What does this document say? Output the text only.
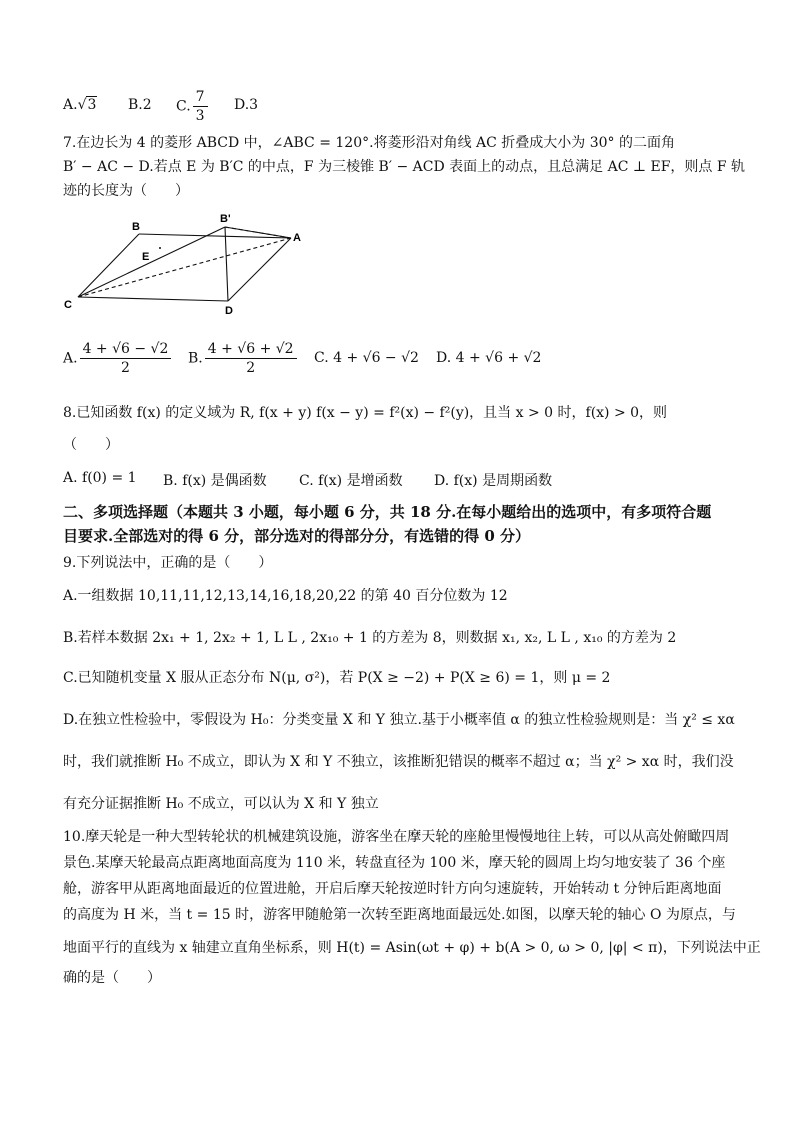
A.√3 B.2 C. $\frac{7}{3} D.3$
7.在边长为 4 的菱形 ABCD 中，∠ABC = 120°.将菱形沿对角线 AC 折叠成大小为 30° 的二面角
B′ − AC − D.若点 E 为 B′C 的中点，F 为三棱锥 B′ − ACD 表面上的动点，且总满足 AC ⊥ EF，则点 F 轨
迹的长度为（　　）
B
B'
A
E
C	D
A. $\frac{4 + √6 - √2}{2} B$. $\frac{4 + √6 + √2}{2} C$. 4 + √6 − √2 D. 4 + √6 + √2
8.已知函数 f(x) 的定义域为 R, f(x + y) f(x − y) = f²(x) − f²(y)，且当 x > 0 时，f(x) > 0，则
（　　）
A. f(0) = 1 B. f(x) 是偶函数 C. f(x) 是增函数 D. f(x) 是周期函数
二、多项选择题（本题共 3 小题，每小题 6 分，共 18 分.在每小题给出的选项中，有多项符合题
目要求.全部选对的得 6 分，部分选对的得部分分，有选错的得 0 分）
9.下列说法中，正确的是（　　）
A.一组数据 10,11,11,12,13,14,16,18,20,22 的第 40 百分位数为 12
B.若样本数据 2x₁ + 1, 2x₂ + 1, L L , 2x₁₀ + 1 的方差为 8，则数据 x₁, x₂, L L , x₁₀ 的方差为 2
C.已知随机变量 X 服从正态分布 N(μ, σ²)，若 P(X ≥ −2) + P(X ≥ 6) = 1，则 μ = 2
D.在独立性检验中，零假设为 H₀：分类变量 X 和 Y 独立.基于小概率值 α 的独立性检验规则是：当 χ² ≤ xα
时，我们就推断 H₀ 不成立，即认为 X 和 Y 不独立，该推断犯错误的概率不超过 α；当 χ² > xα 时，我们没
有充分证据推断 H₀ 不成立，可以认为 X 和 Y 独立
10.摩天轮是一种大型转轮状的机械建筑设施，游客坐在摩天轮的座舱里慢慢地往上转，可以从高处俯瞰四周
景色.某摩天轮最高点距离地面高度为 110 米，转盘直径为 100 米，摩天轮的圆周上均匀地安装了 36 个座
舱，游客甲从距离地面最近的位置进舱，开启后摩天轮按逆时针方向匀速旋转，开始转动 t 分钟后距离地面
的高度为 H 米，当 t = 15 时，游客甲随舱第一次转至距离地面最远处.如图，以摩天轮的轴心 O 为原点，与
地面平行的直线为 x 轴建立直角坐标系，则 H(t) = Asin(ωt + φ) + b(A > 0, ω > 0, |φ| < π)，下列说法中正
确的是（　　）
